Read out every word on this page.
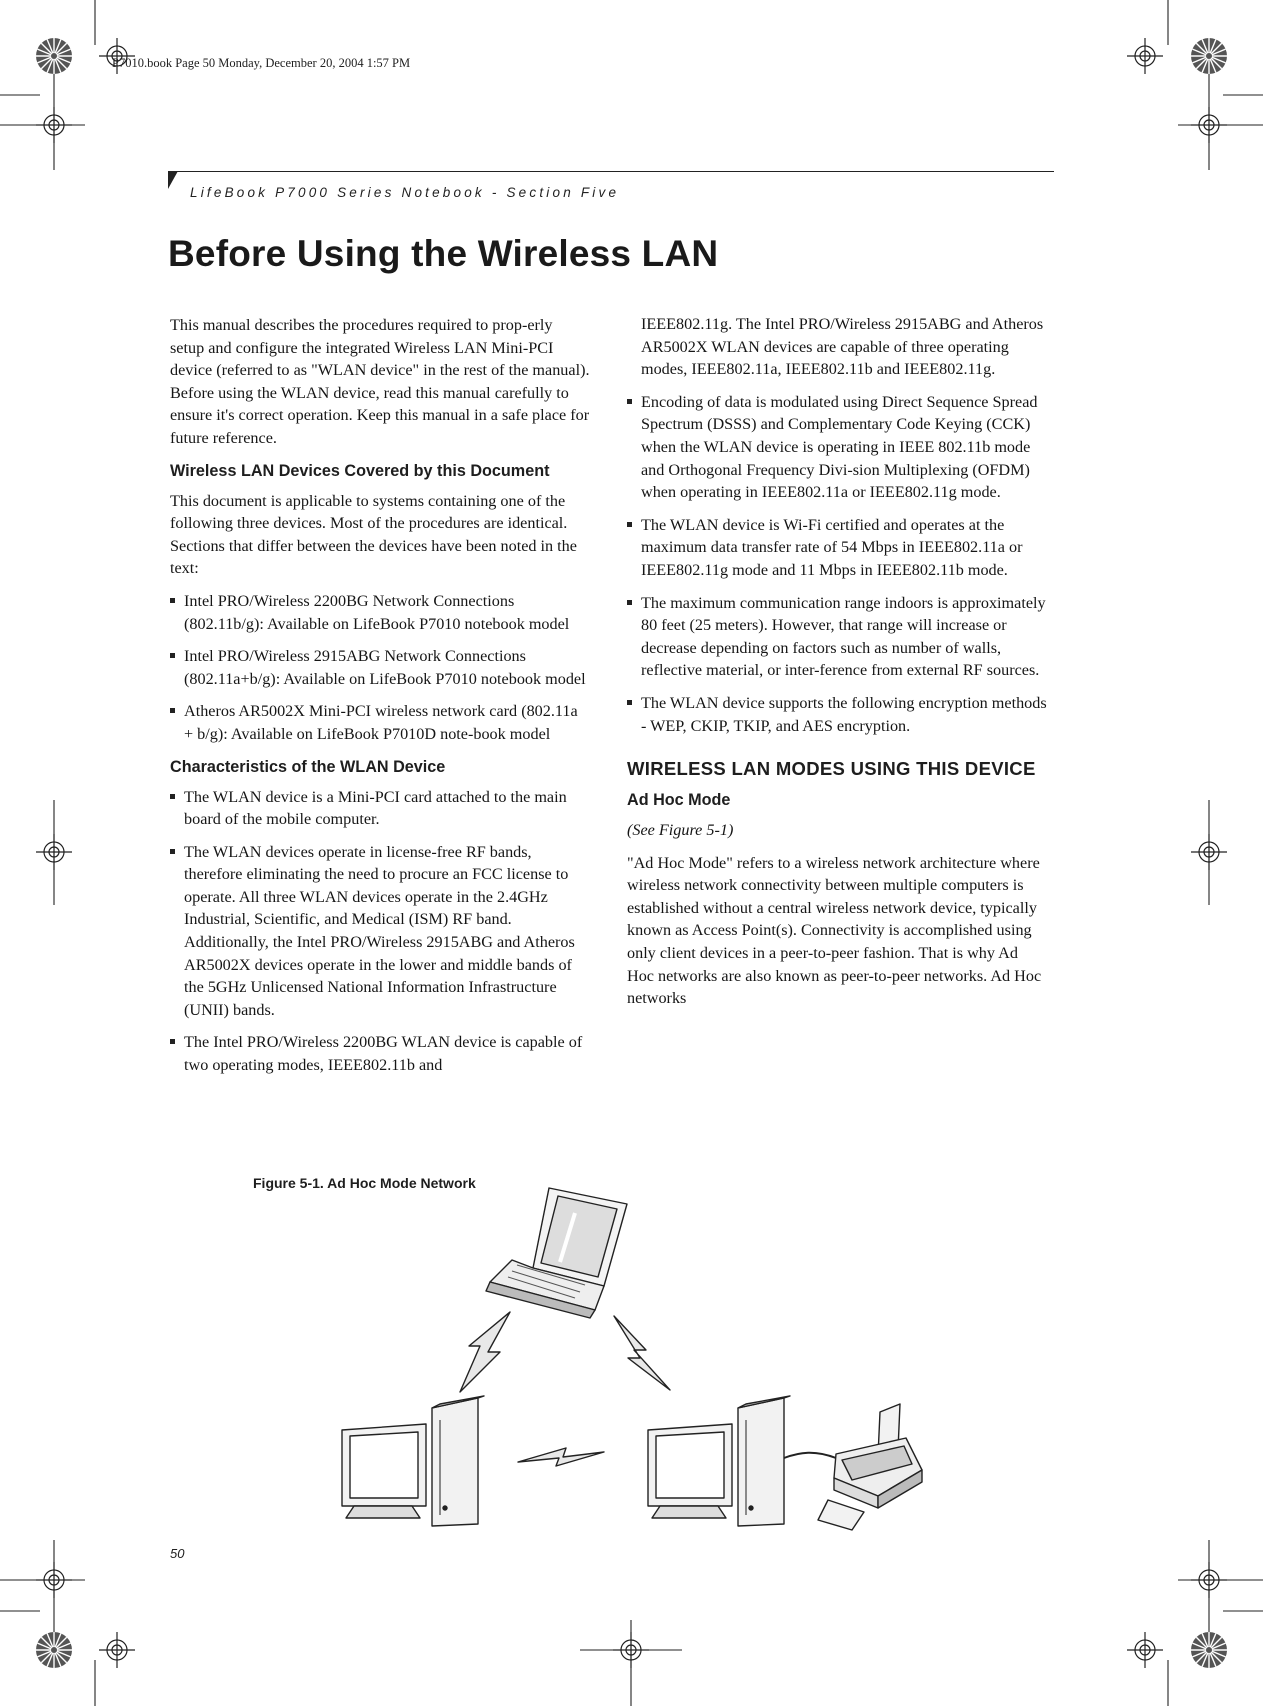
P7010.book Page 50 Monday, December 20, 2004 1:57 PM
LifeBook P7000 Series Notebook - Section Five
Before Using the Wireless LAN

This manual describes the procedures required to prop-erly setup and configure the integrated Wireless LAN Mini-PCI device (referred to as "WLAN device" in the rest of the manual). Before using the WLAN device, read this manual carefully to ensure it's correct operation. Keep this manual in a safe place for future reference.

Wireless LAN Devices Covered by this Document

This document is applicable to systems containing one of the following three devices. Most of the procedures are identical. Sections that differ between the devices have been noted in the text:

Intel PRO/Wireless 2200BG Network Connections (802.11b/g): Available on LifeBook P7010 notebook model
Intel PRO/Wireless 2915ABG Network Connections (802.11a+b/g): Available on LifeBook P7010 notebook model
Atheros AR5002X Mini-PCI wireless network card (802.11a + b/g): Available on LifeBook P7010D note-book model
Characteristics of the WLAN Device
The WLAN device is a Mini-PCI card attached to the main board of the mobile computer.
The WLAN devices operate in license-free RF bands, therefore eliminating the need to procure an FCC license to operate. All three WLAN devices operate in the 2.4GHz Industrial, Scientific, and Medical (ISM) RF band. Additionally, the Intel PRO/Wireless 2915ABG and Atheros AR5002X devices operate in the lower and middle bands of the 5GHz Unlicensed National Information Infrastructure (UNII) bands.
The Intel PRO/Wireless 2200BG WLAN device is capable of two operating modes, IEEE802.11b and

IEEE802.11g. The Intel PRO/Wireless 2915ABG and Atheros AR5002X WLAN devices are capable of three operating modes, IEEE802.11a, IEEE802.11b and IEEE802.11g.

Encoding of data is modulated using Direct Sequence Spread Spectrum (DSSS) and Complementary Code Keying (CCK) when the WLAN device is operating in IEEE 802.11b mode and Orthogonal Frequency Divi-sion Multiplexing (OFDM) when operating in IEEE802.11a or IEEE802.11g mode.
The WLAN device is Wi-Fi certified and operates at the maximum data transfer rate of 54 Mbps in IEEE802.11a or IEEE802.11g mode and 11 Mbps in IEEE802.11b mode.
The maximum communication range indoors is approximately 80 feet (25 meters). However, that range will increase or decrease depending on factors such as number of walls, reflective material, or inter-ference from external RF sources.
The WLAN device supports the following encryption methods - WEP, CKIP, TKIP, and AES encryption.
WIRELESS LAN MODES USING THIS DEVICE
Ad Hoc Mode

(See Figure 5-1)

"Ad Hoc Mode" refers to a wireless network architecture where wireless network connectivity between multiple computers is established without a central wireless network device, typically known as Access Point(s). Connectivity is accomplished using only client devices in a peer-to-peer fashion. That is why Ad Hoc networks are also known as peer-to-peer networks. Ad Hoc networks

Figure 5-1. Ad Hoc Mode Network
50
